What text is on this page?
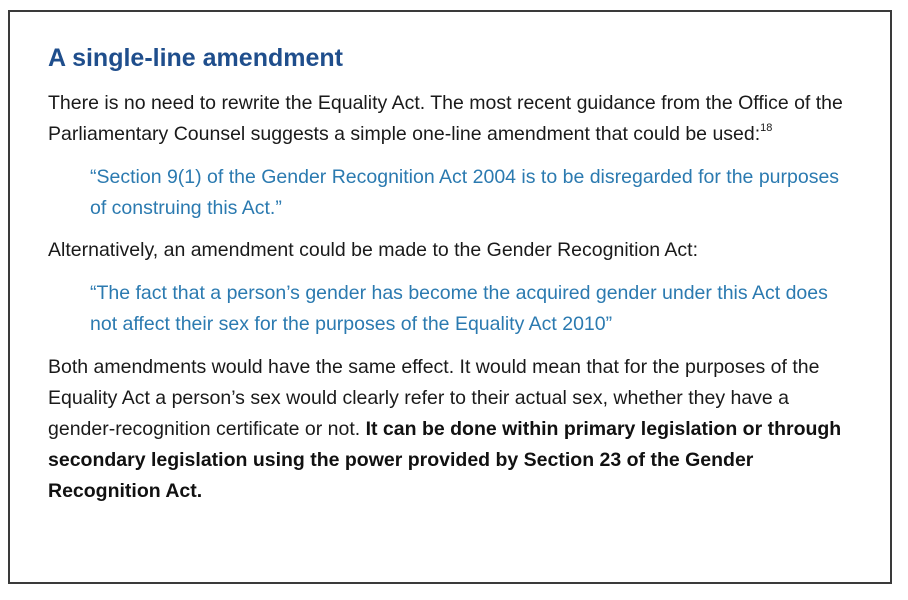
A single-line amendment

There is no need to rewrite the Equality Act. The most recent guidance from the Office of the Parliamentary Counsel suggests a simple one-line amendment that could be used:$^{18}$

“Section 9(1) of the Gender Recognition Act 2004 is to be disregarded for the purposes of construing this Act.”

Alternatively, an amendment could be made to the Gender Recognition Act:

“The fact that a person’s gender has become the acquired gender under this Act does not affect their sex for the purposes of the Equality Act 2010”

Both amendments would have the same effect. It would mean that for the purposes of the Equality Act a person’s sex would clearly refer to their actual sex, whether they have a gender-recognition certificate or not. It can be done within primary legislation or through secondary legislation using the power provided by Section 23 of the Gender Recognition Act.
